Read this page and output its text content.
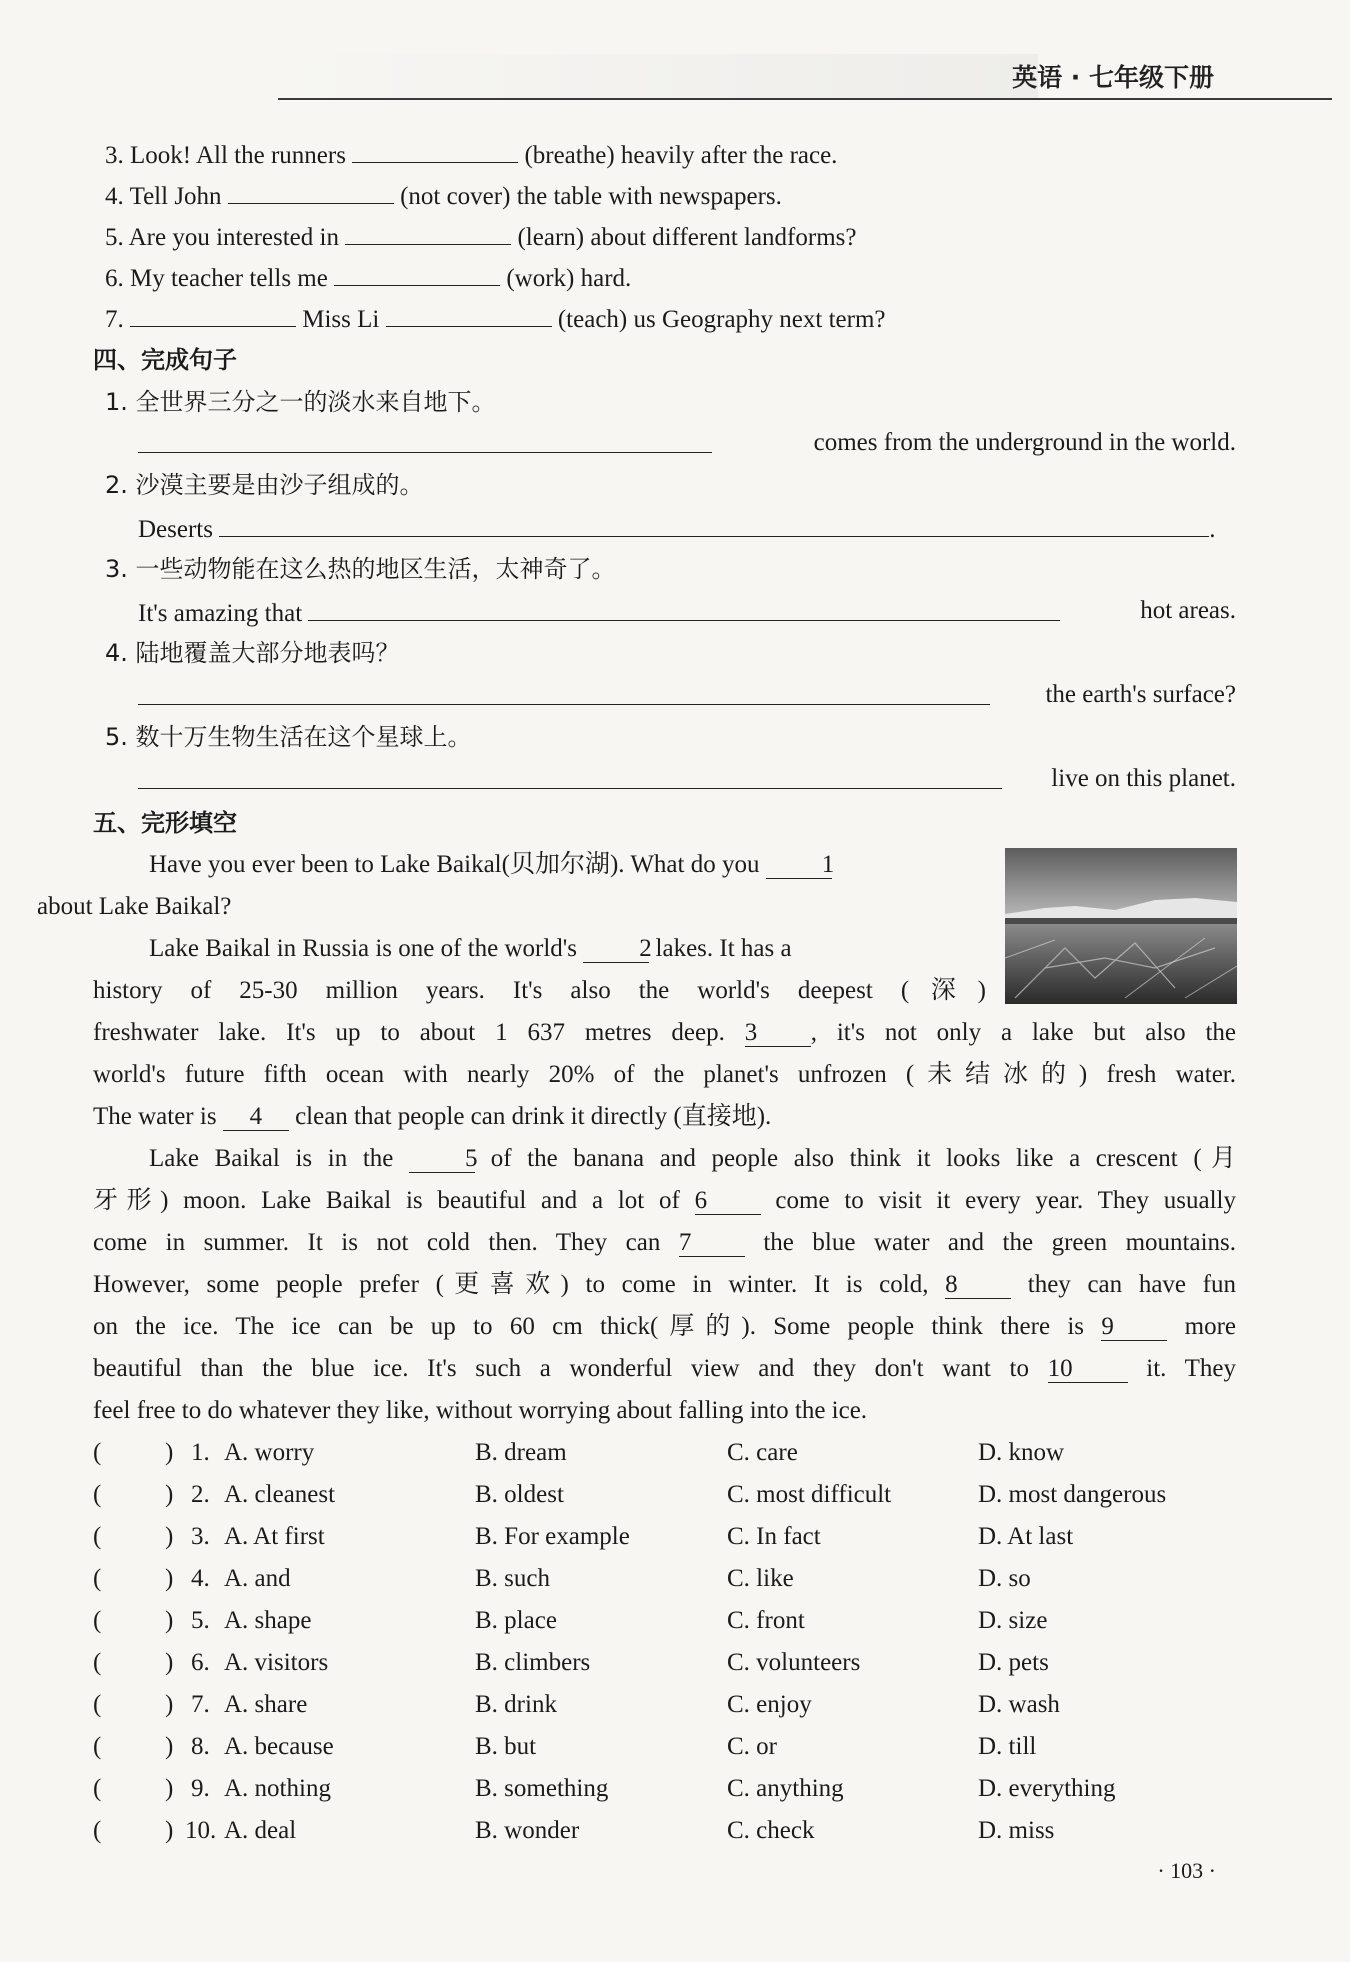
英语 · 七年级下册
3. Look! All the runners	(breathe) heavily after the race.
4. Tell John	(not cover) the table with newspapers.
5. Are you interested in	(learn) about different landforms?
6. My teacher tells me	(work) hard.
7.	Miss Li	(teach) us Geography next term?
四、完成句子
1. 全世界三分之一的淡水来自地下。
comes from the underground in the world.
2. 沙漠主要是由沙子组成的。
Deserts	.
3. 一些动物能在这么热的地区生活，太神奇了。
It's amazing that	hot areas.
4. 陆地覆盖大部分地表吗？
the earth's surface?
5. 数十万生物生活在这个星球上。
live on this planet.
五、完形填空
Have you ever been to Lake Baikal(贝加尔湖). What do you 1
about Lake Baikal?
Lake Baikal in Russia is one of the world's 2 lakes. It has a
history of 25-30 million years. It's also the world's deepest (深)
freshwater lake. It's up to about 1 637 metres deep. 3 , it's not only a lake but also the
world's future fifth ocean with nearly 20% of the planet's unfrozen (未结冰的) fresh water.
The water is 4 clean that people can drink it directly (直接地).
Lake Baikal is in the	5 of the banana and people also think it looks like a crescent (月
牙形) moon. Lake Baikal is beautiful and a lot of 6	come to visit it every year. They usually
come in summer. It is not cold then. They can 7	the blue water and the green mountains.
However, some people prefer (更喜欢) to come in winter. It is cold, 8	they can have fun
on the ice. The ice can be up to 60 cm thick(厚的). Some people think there is 9	more
beautiful than the blue ice. It's such a wonderful view and they don't want to 10	it. They
feel free to do whatever they like, without worrying about falling into the ice.
(	) 1. A. worry	B. dream	C. care	D. know
(	) 2. A. cleanest	B. oldest	C. most difficult	D. most dangerous
(	) 3. A. At first	B. For example	C. In fact	D. At last
(	) 4. A. and	B. such	C. like	D. so
(	) 5. A. shape	B. place	C. front	D. size
(	) 6. A. visitors	B. climbers	C. volunteers	D. pets
(	) 7. A. share	B. drink	C. enjoy	D. wash
(	) 8. A. because	B. but	C. or	D. till
(	) 9. A. nothing	B. something	C. anything	D. everything
(	) 10. A. deal	B. wonder	C. check	D. miss
· 103 ·
